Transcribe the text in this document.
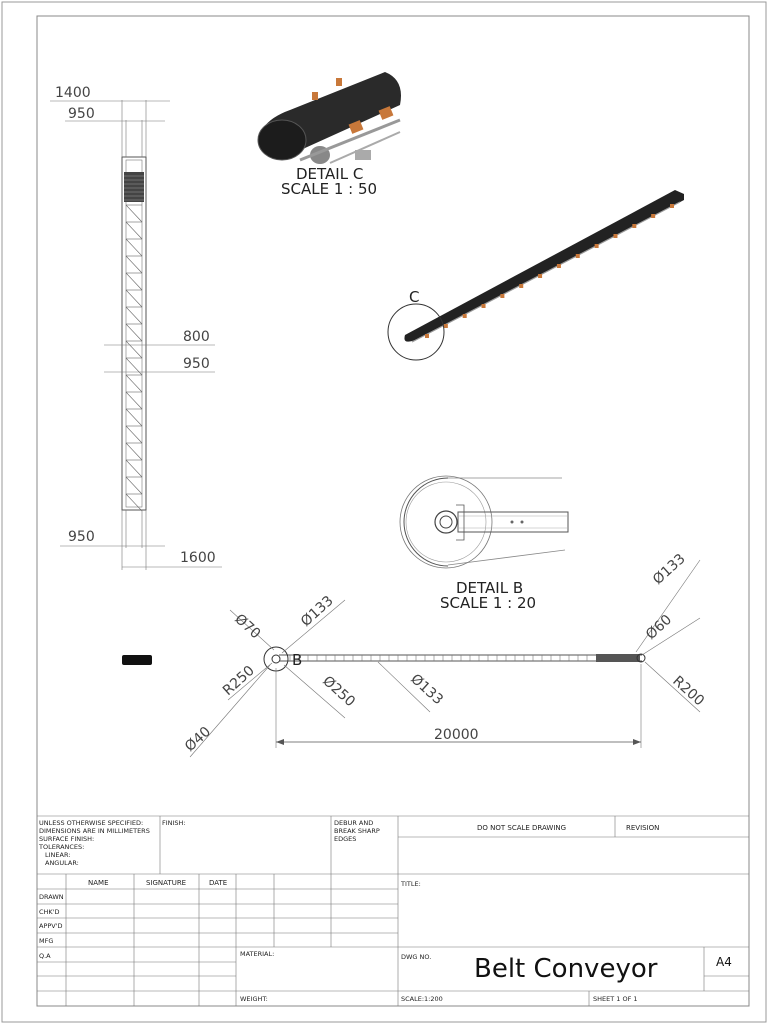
1400
950
800
950
950
1600
DETAIL C
SCALE 1 : 50
C
DETAIL B
SCALE 1 : 20
B
20000
Ø70 Ø133
R250	Ø250
Ø40
Ø133
Ø133
Ø60
R200
UNLESS OTHERWISE SPECIFIED:
DIMENSIONS ARE IN MILLIMETERS
SURFACE FINISH:
TOLERANCES:
LINEAR:
ANGULAR:
FINISH:	DEBUR AND
BREAK SHARP
EDGES
DO NOT SCALE DRAWING	REVISION
NAME	SIGNATURE	DATE
DRAWN
CHK'D
APPV'D
MFG
Q.A
TITLE:
MATERIAL:
WEIGHT:
DWG NO. Belt Conveyor	A4
SCALE:1:200	SHEET 1 OF 1
